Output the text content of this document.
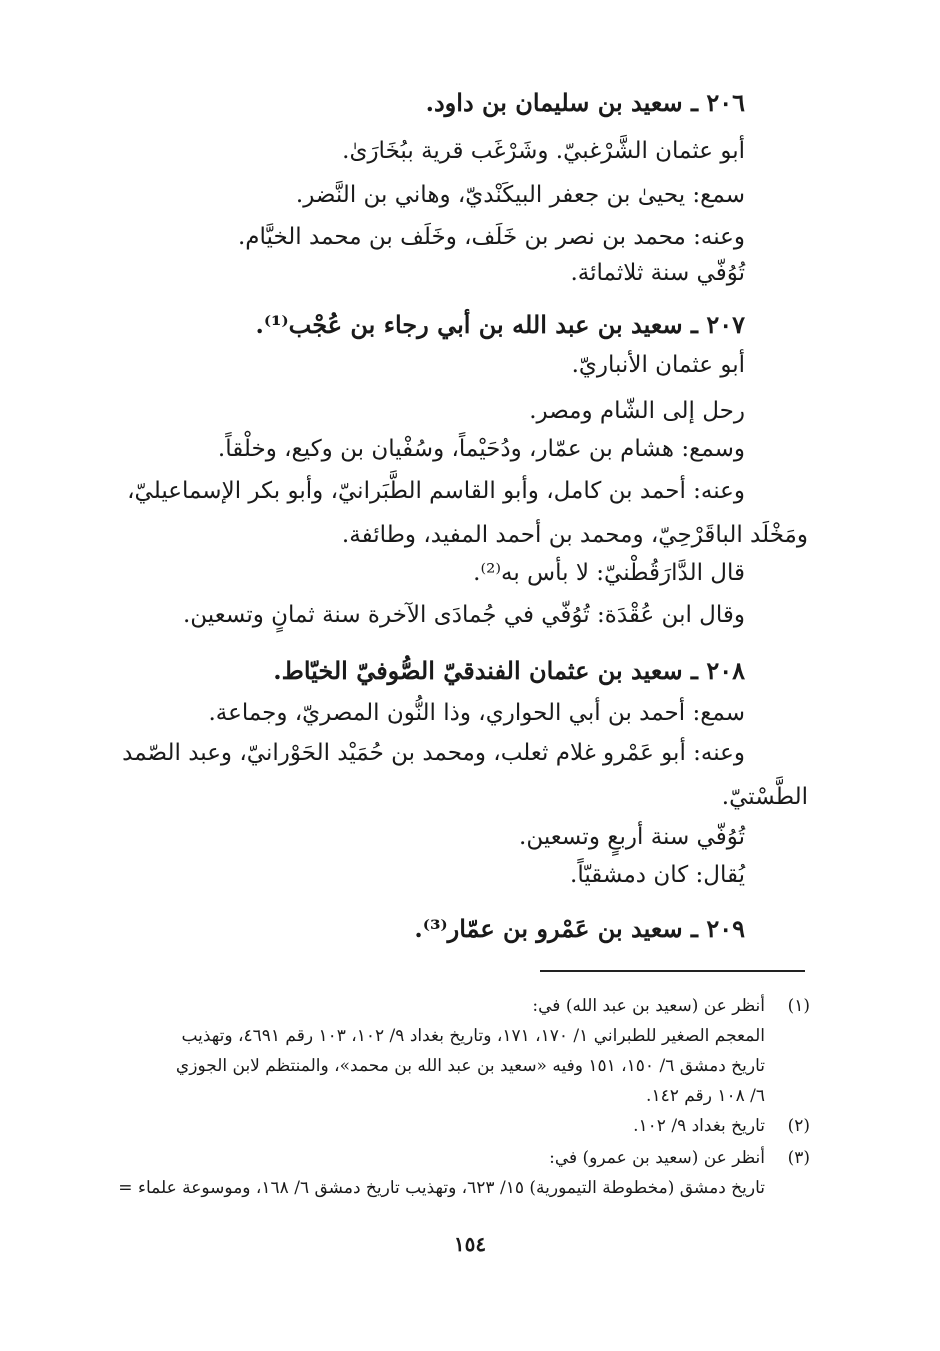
٢٠٦ ـ سعيد بن سليمان بن داود.
أبو عثمان الشَّرْغبيّ. وشَرْغَب قرية ببُخَارَىٰ.
سمع: يحيىٰ بن جعفر البيكَنْديّ، وهاني بن النَّضر.
وعنه: محمد بن نصر بن خَلَف، وخَلَف بن محمد الخيَّام.
تُوُفّي سنة ثلاثمائة.
٢٠٧ ـ سعيد بن عبد الله بن أبي رجاء بن عُجْب⁽¹⁾.
أبو عثمان الأنباريّ.
رحل إلى الشّام ومصر.
وسمع: هشام بن عمّار، ودُحَيْماً، وسُفْيان بن وكيع، وخلْقاً.
وعنه: أحمد بن كامل، وأبو القاسم الطَّبَرانيّ، وأبو بكر الإسماعيليّ،
ومَخْلَد الباقَرْحِيّ، ومحمد بن أحمد المفيد، وطائفة.
قال الدَّارَقُطْنيّ: لا بأس به⁽²⁾.
وقال ابن عُقْدَة: تُوُفّي في جُمادَى الآخرة سنة ثمانٍ وتسعين.
٢٠٨ ـ سعيد بن عثمان الفندقيّ الصُّوفيّ الخيّاط.
سمع: أحمد بن أبي الحواري، وذا النُّون المصريّ، وجماعة.
وعنه: أبو عَمْرو غلام ثعلب، ومحمد بن حُمَيْد الحَوْرانيّ، وعبد الصّمد
الطَّسْتيّ.
تُوُفّي سنة أربعٍ وتسعين.
يُقال: كان دمشقيّاً.
٢٠٩ ـ سعيد بن عَمْرو بن عمّار⁽³⁾.
(١)
أنظر عن (سعيد بن عبد الله) في:
المعجم الصغير للطبراني ١/ ١٧٠، ١٧١، وتاريخ بغداد ٩/ ١٠٢، ١٠٣ رقم ٤٦٩١، وتهذيب
تاريخ دمشق ٦/ ١٥٠، ١٥١ وفيه «سعيد بن عبد الله بن محمد»، والمنتظم لابن الجوزي
٦/ ١٠٨ رقم ١٤٢.
(٢)
تاريخ بغداد ٩/ ١٠٢.
(٣)
أنظر عن (سعيد بن عمرو) في:
تاريخ دمشق (مخطوطة التيمورية) ١٥/ ٦٢٣، وتهذيب تاريخ دمشق ٦/ ١٦٨، وموسوعة علماء =
١٥٤
